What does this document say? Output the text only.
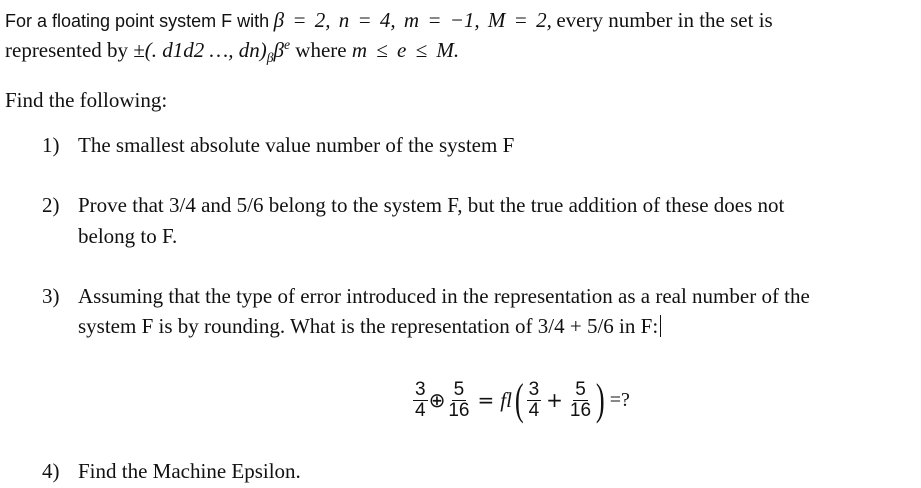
For a floating point system F with β = 2, n = 4, m = −1, M = 2, every number in the set is
represented by ±(. d1d2 …, $dn)_\beta\beta^e$ where m ≤ e ≤ M.
Find the following:
1) The smallest absolute value number of the system F
2) Prove that 3/4 and 5/6 belong to the system F, but the true addition of these does not
belong to F.
3) Assuming that the type of error introduced in the representation as a real number of the
system F is by rounding. What is the representation of 3/4 + 5/6 in F:
$\frac{3}{4}$ ⊕ $\frac{5}{16}$ = fl ( $\frac{3}{4} + \frac{5}{16}$ ) =?
4) Find the Machine Epsilon.
